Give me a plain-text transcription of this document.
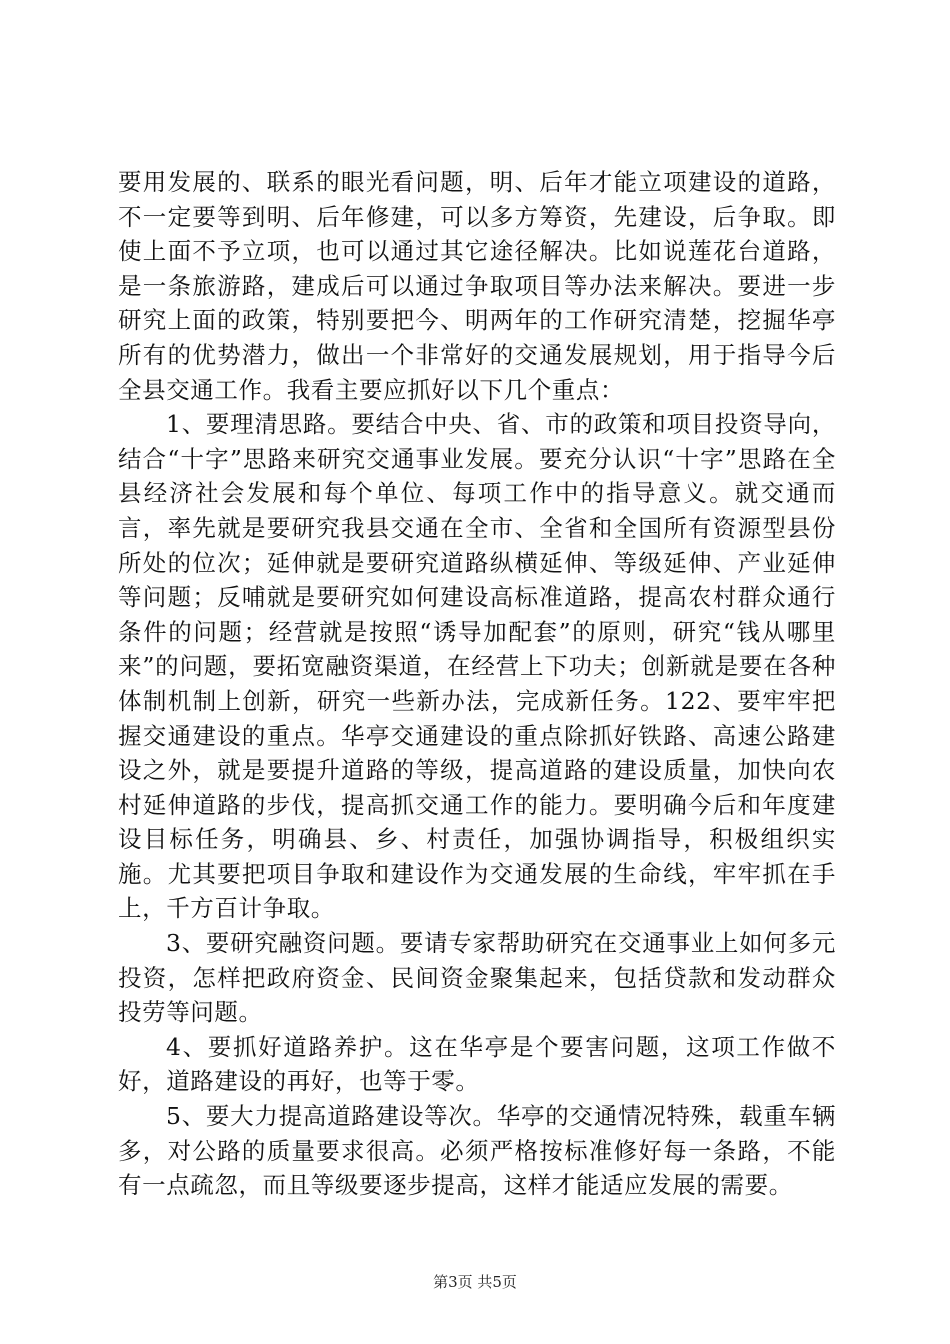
要用发展的、联系的眼光看问题，明、后年才能立项建设的道路，不一定要等到明、后年修建，可以多方筹资，先建设，后争取。即使上面不予立项，也可以通过其它途径解决。比如说莲花台道路，是一条旅游路，建成后可以通过争取项目等办法来解决。要进一步研究上面的政策，特别要把今、明两年的工作研究清楚，挖掘华亭所有的优势潜力，做出一个非常好的交通发展规划，用于指导今后全县交通工作。我看主要应抓好以下几个重点：

1、要理清思路。要结合中央、省、市的政策和项目投资导向，结合“十字”思路来研究交通事业发展。要充分认识“十字”思路在全县经济社会发展和每个单位、每项工作中的指导意义。就交通而言，率先就是要研究我县交通在全市、全省和全国所有资源型县份所处的位次；延伸就是要研究道路纵横延伸、等级延伸、产业延伸等问题；反哺就是要研究如何建设高标准道路，提高农村群众通行条件的问题；经营就是按照“诱导加配套”的原则，研究“钱从哪里来”的问题，要拓宽融资渠道，在经营上下功夫；创新就是要在各种体制机制上创新，研究一些新办法，完成新任务。122、要牢牢把握交通建设的重点。华亭交通建设的重点除抓好铁路、高速公路建设之外，就是要提升道路的等级，提高道路的建设质量，加快向农村延伸道路的步伐，提高抓交通工作的能力。要明确今后和年度建设目标任务，明确县、乡、村责任，加强协调指导，积极组织实施。尤其要把项目争取和建设作为交通发展的生命线，牢牢抓在手上，千方百计争取。

3、要研究融资问题。要请专家帮助研究在交通事业上如何多元投资，怎样把政府资金、民间资金聚集起来，包括贷款和发动群众投劳等问题。

4、要抓好道路养护。这在华亭是个要害问题，这项工作做不好，道路建设的再好，也等于零。

5、要大力提高道路建设等次。华亭的交通情况特殊，载重车辆多，对公路的质量要求很高。必须严格按标准修好每一条路，不能有一点疏忽，而且等级要逐步提高，这样才能适应发展的需要。

第3页 共5页
